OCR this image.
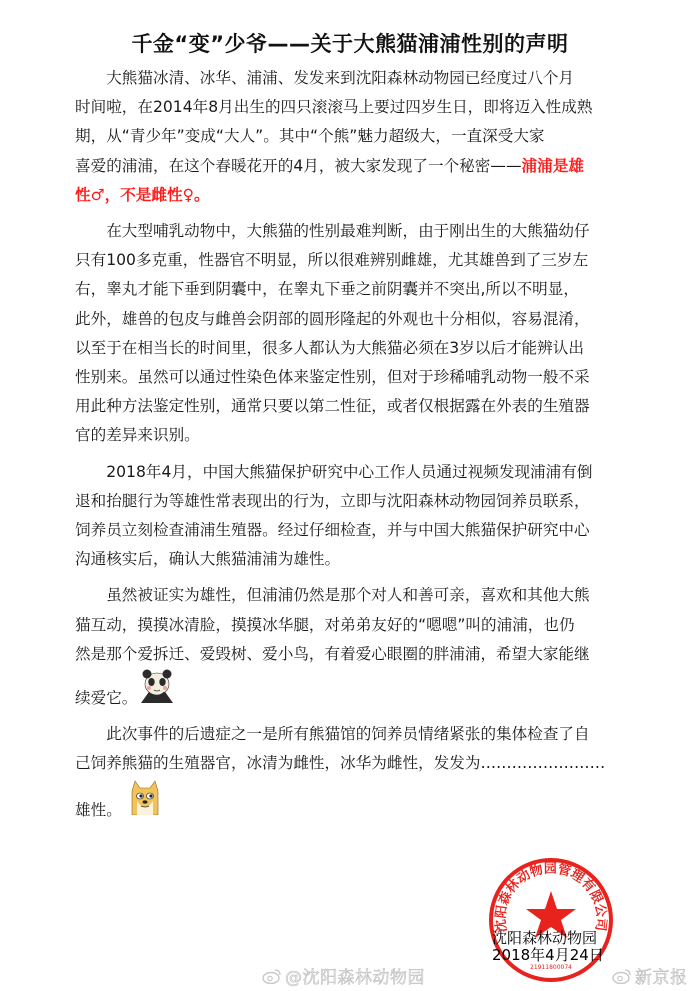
千金“变”少爷——关于大熊猫浦浦性别的声明

大熊猫冰清、冰华、浦浦、发发来到沈阳森林动物园已经度过八个月
时间啦，在2014年8月出生的四只滚滚马上要过四岁生日，即将迈入性成熟
期，从“青少年”变成“大人”。其中“个熊”魅力超级大，一直深受大家
喜爱的浦浦，在这个春暖花开的4月，被大家发现了一个秘密——浦浦是雄
性♂，不是雌性♀。

在大型哺乳动物中，大熊猫的性别最难判断，由于刚出生的大熊猫幼仔
只有100多克重，性器官不明显，所以很难辨别雌雄，尤其雄兽到了三岁左
右，睾丸才能下垂到阴囊中，在睾丸下垂之前阴囊并不突出,所以不明显，
此外，雄兽的包皮与雌兽会阴部的圆形隆起的外观也十分相似，容易混淆，
以至于在相当长的时间里，很多人都认为大熊猫必须在3岁以后才能辨认出
性别来。虽然可以通过性染色体来鉴定性别，但对于珍稀哺乳动物一般不采
用此种方法鉴定性别，通常只要以第二性征，或者仅根据露在外表的生殖器
官的差异来识别。

2018年4月，中国大熊猫保护研究中心工作人员通过视频发现浦浦有倒
退和抬腿行为等雄性常表现出的行为，立即与沈阳森林动物园饲养员联系，
饲养员立刻检查浦浦生殖器。经过仔细检查，并与中国大熊猫保护研究中心
沟通核实后，确认大熊猫浦浦为雄性。

虽然被证实为雄性，但浦浦仍然是那个对人和善可亲，喜欢和其他大熊
猫互动，摸摸冰清脸，摸摸冰华腿，对弟弟友好的“嗯嗯”叫的浦浦，也仍
然是那个爱拆迁、爱毁树、爱小鸟，有着爱心眼圈的胖浦浦，希望大家能继
续爱它。

此次事件的后遗症之一是所有熊猫馆的饲养员情绪紧张的集体检查了自
己饲养熊猫的生殖器官，冰清为雌性，冰华为雌性，发发为……………………
雄性。

沈阳森林动物园管理有限公司
21911800074
沈阳森林动物园
2018年4月24日
@沈阳森林动物园	新京报
